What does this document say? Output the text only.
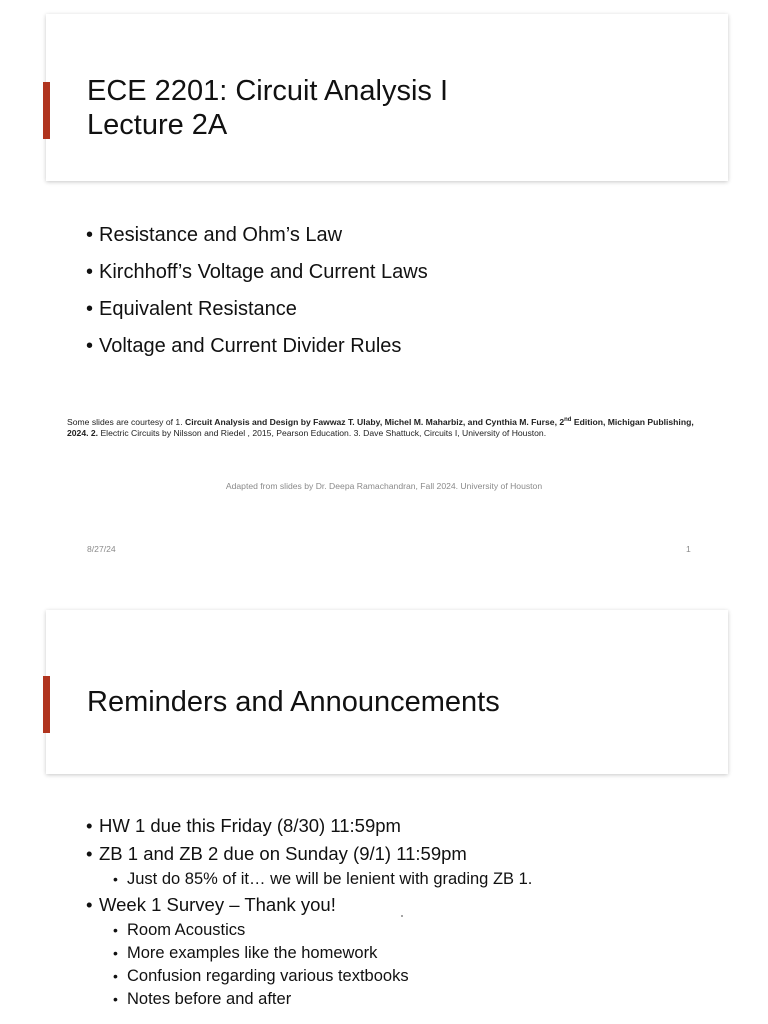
ECE 2201: Circuit Analysis I
Lecture 2A
• Resistance and Ohm’s Law
• Kirchhoff’s Voltage and Current Laws
• Equivalent Resistance
• Voltage and Current Divider Rules
Some slides are courtesy of 1. Circuit Analysis and Design by Fawwaz T. Ulaby, Michel M. Maharbiz, and Cynthia M. Furse, 2nd Edition, Michigan Publishing, 2024. 2. Electric Circuits by Nilsson and Riedel , 2015, Pearson Education. 3. Dave Shattuck, Circuits I, University of Houston.
Adapted from slides by Dr. Deepa Ramachandran, Fall 2024. University of Houston
8/27/24	1
Reminders and Announcements
• HW 1 due this Friday (8/30) 11:59pm
• ZB 1 and ZB 2 due on Sunday (9/1) 11:59pm
• Just do 85% of it… we will be lenient with grading ZB 1.
• Week 1 Survey – Thank you!
• Room Acoustics
• More examples like the homework
• Confusion regarding various textbooks
• Notes before and after
